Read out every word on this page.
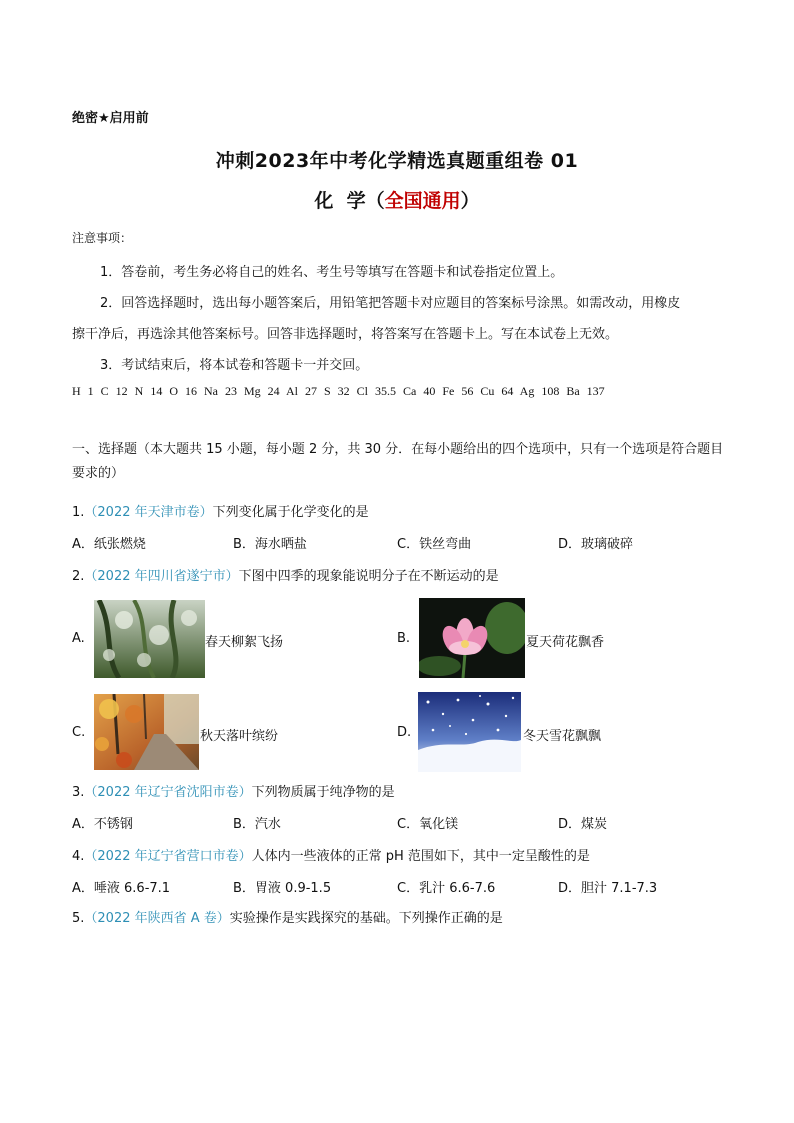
绝密★启用前
冲刺2023年中考化学精选真题重组卷 01
化  学（全国通用）
注意事项：
1．答卷前，考生务必将自己的姓名、考生号等填写在答题卡和试卷指定位置上。
2．回答选择题时，选出每小题答案后，用铅笔把答题卡对应题目的答案标号涂黑。如需改动，用橡皮
擦干净后，再选涂其他答案标号。回答非选择题时，将答案写在答题卡上。写在本试卷上无效。
3．考试结束后，将本试卷和答题卡一并交回。
H 1 C 12 N 14 O 16 Na 23 Mg 24 Al 27 S 32 Cl 35.5 Ca 40 Fe 56 Cu 64 Ag 108 Ba 137
一、选择题（本大题共 15 小题，每小题 2 分，共 30 分．在每小题给出的四个选项中，只有一个选项是符合题目要求的）
1.（2022 年天津市卷）下列变化属于化学变化的是
A．纸张燃烧	B．海水晒盐	C．铁丝弯曲	D．玻璃破碎
2.（2022 年四川省遂宁市）下图中四季的现象能说明分子在不断运动的是
A.	春天柳絮飞扬	B.	夏天荷花飘香
C.	秋天落叶缤纷	D.	冬天雪花飘飘
3.（2022 年辽宁省沈阳市卷）下列物质属于纯净物的是
A．不锈钢	B．汽水	C．氧化镁	D．煤炭
4.（2022 年辽宁省营口市卷）人体内一些液体的正常 pH 范围如下，其中一定呈酸性的是
A．唾液 6.6-7.1	B．胃液 0.9-1.5	C．乳汁 6.6-7.6	D．胆汁 7.1-7.3
5.（2022 年陕西省 A 卷）实验操作是实践探究的基础。下列操作正确的是
